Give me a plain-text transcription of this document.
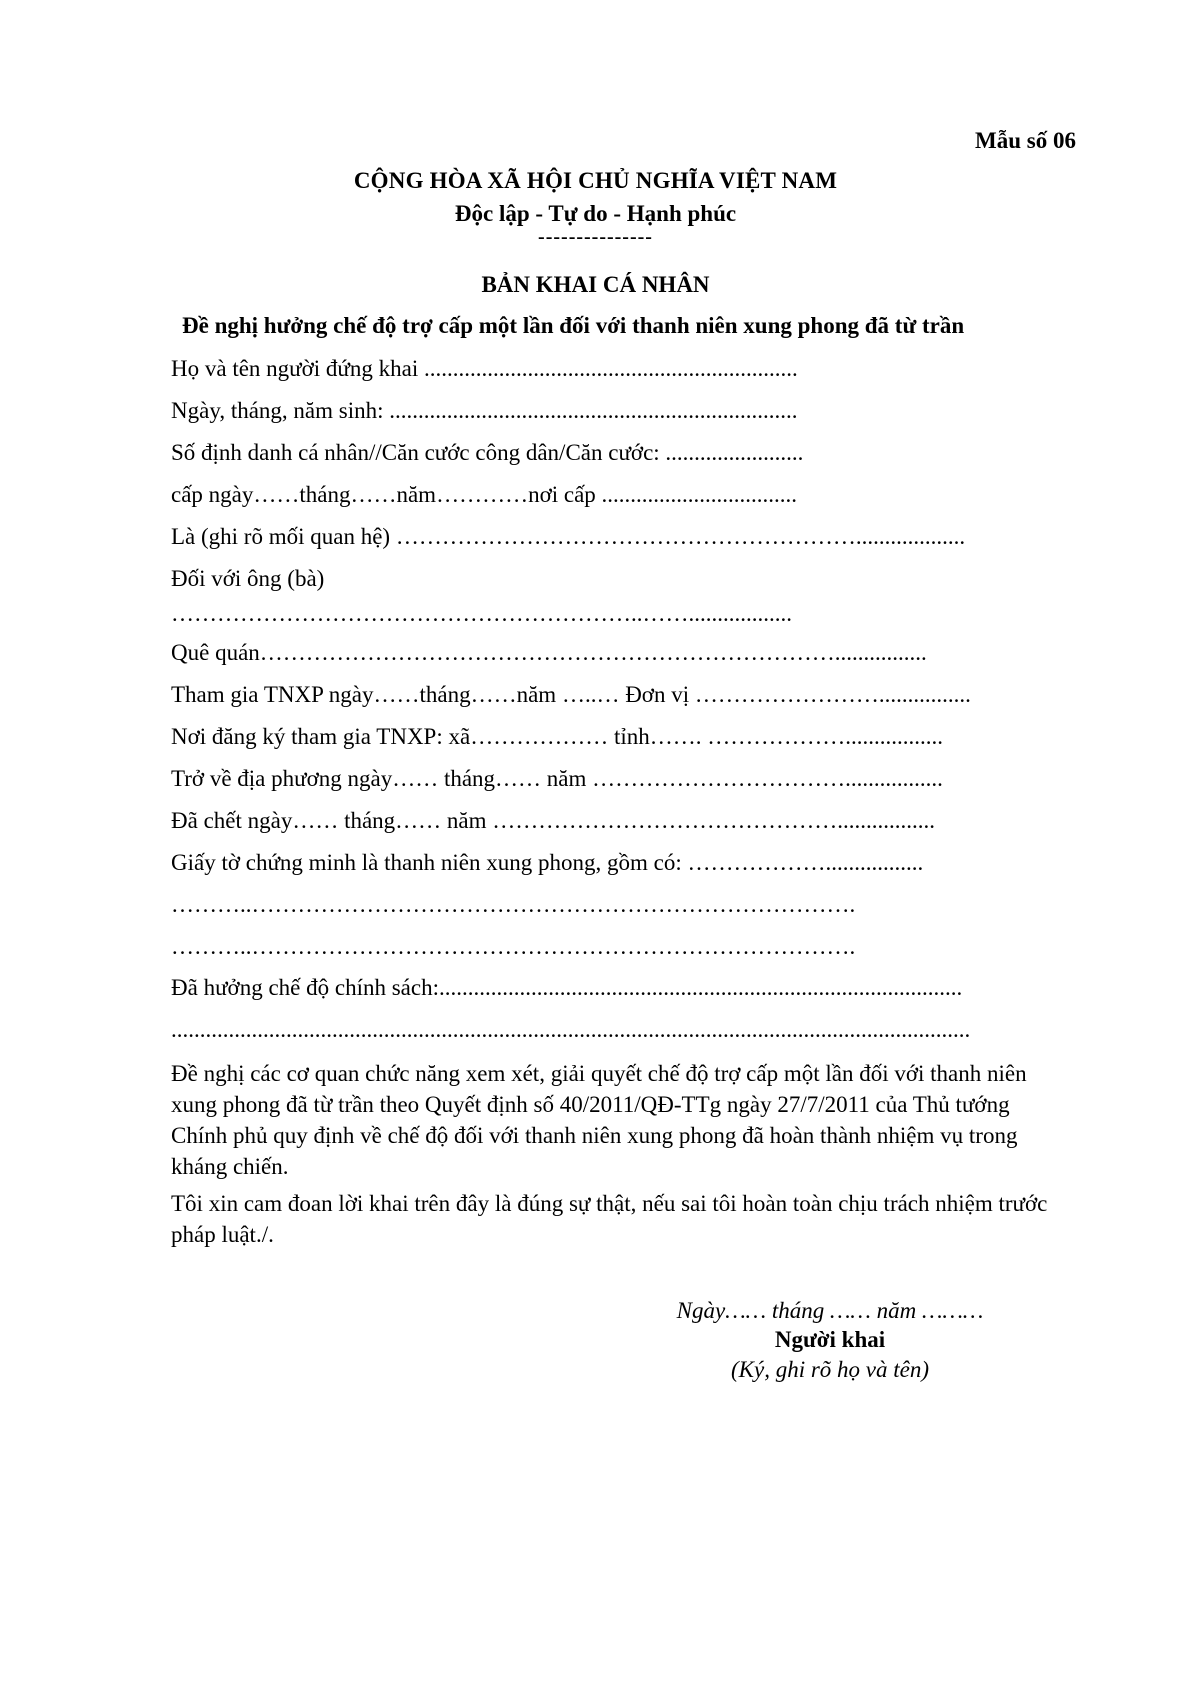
Mẫu số 06
CỘNG HÒA XÃ HỘI CHỦ NGHĨA VIỆT NAM
Độc lập - Tự do - Hạnh phúc
---------------
BẢN KHAI CÁ NHÂN
Đề nghị hưởng chế độ trợ cấp một lần đối với thanh niên xung phong đã từ trần
Họ và tên người đứng khai .................................................................
Ngày, tháng, năm sinh: .......................................................................
Số định danh cá nhân//Căn cước công dân/Căn cước: ........................
cấp ngày……tháng……năm…………nơi cấp ..................................
Là (ghi rõ mối quan hệ) ……………………………………………………...................
Đối với ông (bà)
……………………………………………………..……..................
Quê quán…………………………………………………………………................
Tham gia TNXP ngày……tháng……năm …..… Đơn vị ……………………................
Nơi đăng ký tham gia TNXP: xã……………… tỉnh……. ……………….................
Trở về địa phương ngày…… tháng…… năm …………………………….................
Đã chết ngày…… tháng…… năm ……………………………………….................
Giấy tờ chứng minh là thanh niên xung phong, gồm có: ……………….................
………..…………………………………………………………………….
………..…………………………………………………………………….
Đã hưởng chế độ chính sách:...........................................................................................
...........................................................................................................................................
Đề nghị các cơ quan chức năng xem xét, giải quyết chế độ trợ cấp một lần đối với thanh niên xung phong đã từ trần theo Quyết định số 40/2011/QĐ-TTg ngày 27/7/2011 của Thủ tướng Chính phủ quy định về chế độ đối với thanh niên xung phong đã hoàn thành nhiệm vụ trong kháng chiến.
Tôi xin cam đoan lời khai trên đây là đúng sự thật, nếu sai tôi hoàn toàn chịu trách nhiệm trước pháp luật./.
Ngày…… tháng …… năm ………
Người khai
(Ký, ghi rõ họ và tên)
